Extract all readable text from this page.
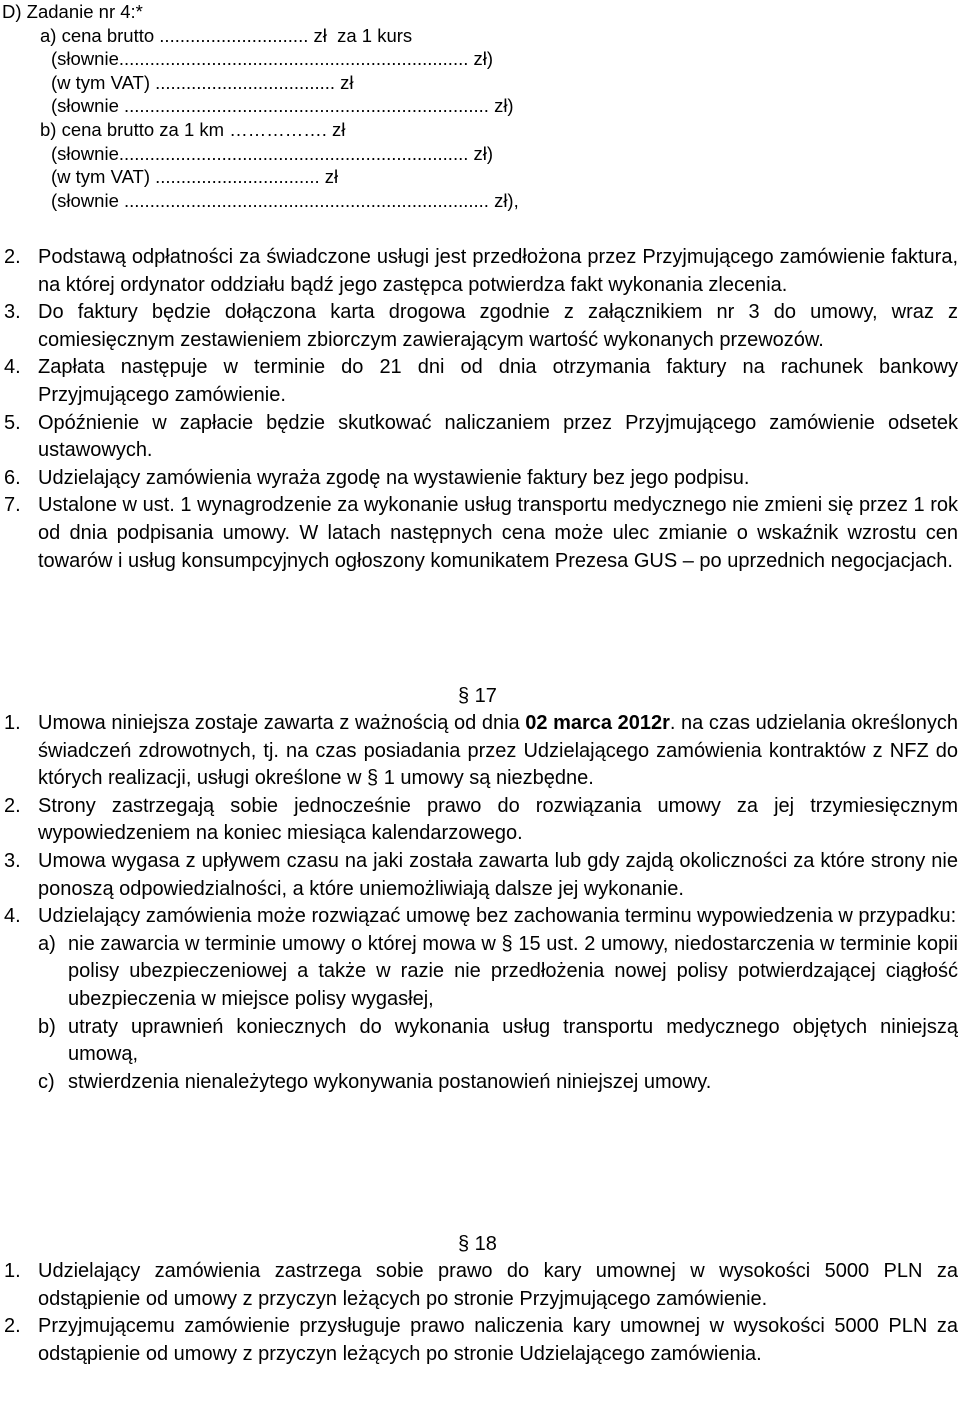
D) Zadanie nr 4:*
a) cena brutto ............................. zł  za 1 kurs
(słownie.................................................................... zł)
(w tym VAT) ................................... zł
(słownie ....................................................................... zł)
b) cena brutto za 1 km ……………. zł
(słownie.................................................................... zł)
(w tym VAT) ................................ zł
(słownie ....................................................................... zł),
2. Podstawą odpłatności za świadczone usługi jest przedłożona przez Przyjmującego zamówienie faktura, na której ordynator oddziału bądź jego zastępca potwierdza fakt wykonania zlecenia.
3. Do faktury będzie dołączona karta drogowa zgodnie z załącznikiem nr 3 do umowy, wraz z comiesięcznym zestawieniem zbiorczym zawierającym wartość wykonanych przewozów.
4. Zapłata następuje w terminie do 21 dni od dnia otrzymania faktury na rachunek bankowy Przyjmującego zamówienie.
5. Opóźnienie w zapłacie będzie skutkować naliczaniem przez Przyjmującego zamówienie odsetek ustawowych.
6. Udzielający zamówienia wyraża zgodę na wystawienie faktury bez jego podpisu.
7. Ustalone w ust. 1 wynagrodzenie za wykonanie usług transportu medycznego nie zmieni się przez 1 rok od dnia podpisania umowy. W latach następnych cena może ulec zmianie o wskaźnik wzrostu cen towarów i usług konsumpcyjnych ogłoszony komunikatem Prezesa GUS – po uprzednich negocjacjach.
§ 17
1. Umowa niniejsza zostaje zawarta z ważnością od dnia 02 marca 2012r. na czas udzielania określonych świadczeń zdrowotnych, tj. na czas posiadania przez Udzielającego zamówienia kontraktów z NFZ do których realizacji, usługi określone w § 1 umowy są niezbędne.
2. Strony zastrzegają sobie jednocześnie prawo do rozwiązania umowy za jej trzymiesięcznym wypowiedzeniem na koniec miesiąca kalendarzowego.
3. Umowa wygasa z upływem czasu na jaki została zawarta lub gdy zajdą okoliczności za które strony nie ponoszą odpowiedzialności, a które uniemożliwiają dalsze jej wykonanie.
4. Udzielający zamówienia może rozwiązać umowę bez zachowania terminu wypowiedzenia w przypadku:
a) nie zawarcia w terminie umowy o której mowa w § 15 ust. 2 umowy, niedostarczenia w terminie kopii polisy ubezpieczeniowej a także w razie nie przedłożenia nowej polisy potwierdzającej ciągłość ubezpieczenia w miejsce polisy wygasłej,
b) utraty uprawnień koniecznych do wykonania usług transportu medycznego objętych niniejszą umową,
c) stwierdzenia nienależytego wykonywania postanowień niniejszej umowy.
§ 18
1. Udzielający zamówienia zastrzega sobie prawo do kary umownej w wysokości 5000 PLN za odstąpienie od umowy z przyczyn leżących po stronie Przyjmującego zamówienie.
2. Przyjmującemu zamówienie przysługuje prawo naliczenia kary umownej w wysokości 5000 PLN za odstąpienie od umowy z przyczyn leżących po stronie Udzielającego zamówienia.
